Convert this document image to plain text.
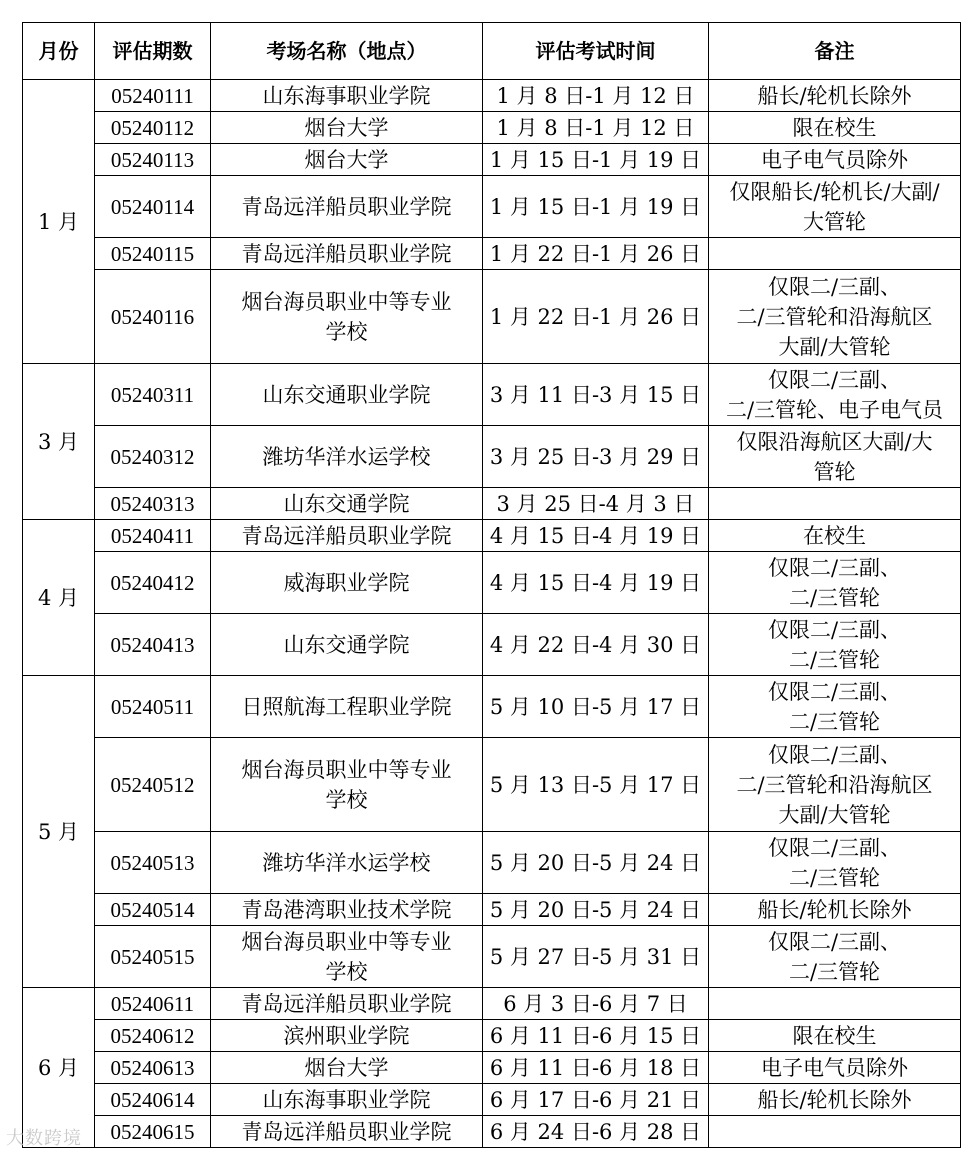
月份	评估期数	考场名称（地点）	评估考试时间	备注
1 月	05240111	山东海事职业学院	1 月 8 日-1 月 12 日	船长/轮机长除外
	05240112	烟台大学	1 月 8 日-1 月 12 日	限在校生
	05240113	烟台大学	1 月 15 日-1 月 19 日	电子电气员除外
	05240114	青岛远洋船员职业学院	1 月 15 日-1 月 19 日	仅限船长/轮机长/大副/
大管轮
	05240115	青岛远洋船员职业学院	1 月 22 日-1 月 26 日	
	05240116	烟台海员职业中等专业
学校	1 月 22 日-1 月 26 日	仅限二/三副、
二/三管轮和沿海航区
大副/大管轮
3 月	05240311	山东交通职业学院	3 月 11 日-3 月 15 日	仅限二/三副、
二/三管轮、电子电气员
	05240312	潍坊华洋水运学校	3 月 25 日-3 月 29 日	仅限沿海航区大副/大
管轮
	05240313	山东交通学院	3 月 25 日-4 月 3 日	
4 月	05240411	青岛远洋船员职业学院	4 月 15 日-4 月 19 日	在校生
	05240412	威海职业学院	4 月 15 日-4 月 19 日	仅限二/三副、
二/三管轮
	05240413	山东交通学院	4 月 22 日-4 月 30 日	仅限二/三副、
二/三管轮
5 月	05240511	日照航海工程职业学院	5 月 10 日-5 月 17 日	仅限二/三副、
二/三管轮
	05240512	烟台海员职业中等专业
学校	5 月 13 日-5 月 17 日	仅限二/三副、
二/三管轮和沿海航区
大副/大管轮
	05240513	潍坊华洋水运学校	5 月 20 日-5 月 24 日	仅限二/三副、
二/三管轮
	05240514	青岛港湾职业技术学院	5 月 20 日-5 月 24 日	船长/轮机长除外
	05240515	烟台海员职业中等专业
学校	5 月 27 日-5 月 31 日	仅限二/三副、
二/三管轮
6 月	05240611	青岛远洋船员职业学院	6 月 3 日-6 月 7 日	
	05240612	滨州职业学院	6 月 11 日-6 月 15 日	限在校生
	05240613	烟台大学	6 月 11 日-6 月 18 日	电子电气员除外
	05240614	山东海事职业学院	6 月 17 日-6 月 21 日	船长/轮机长除外
	05240615	青岛远洋船员职业学院	6 月 24 日-6 月 28 日	
大数跨境
